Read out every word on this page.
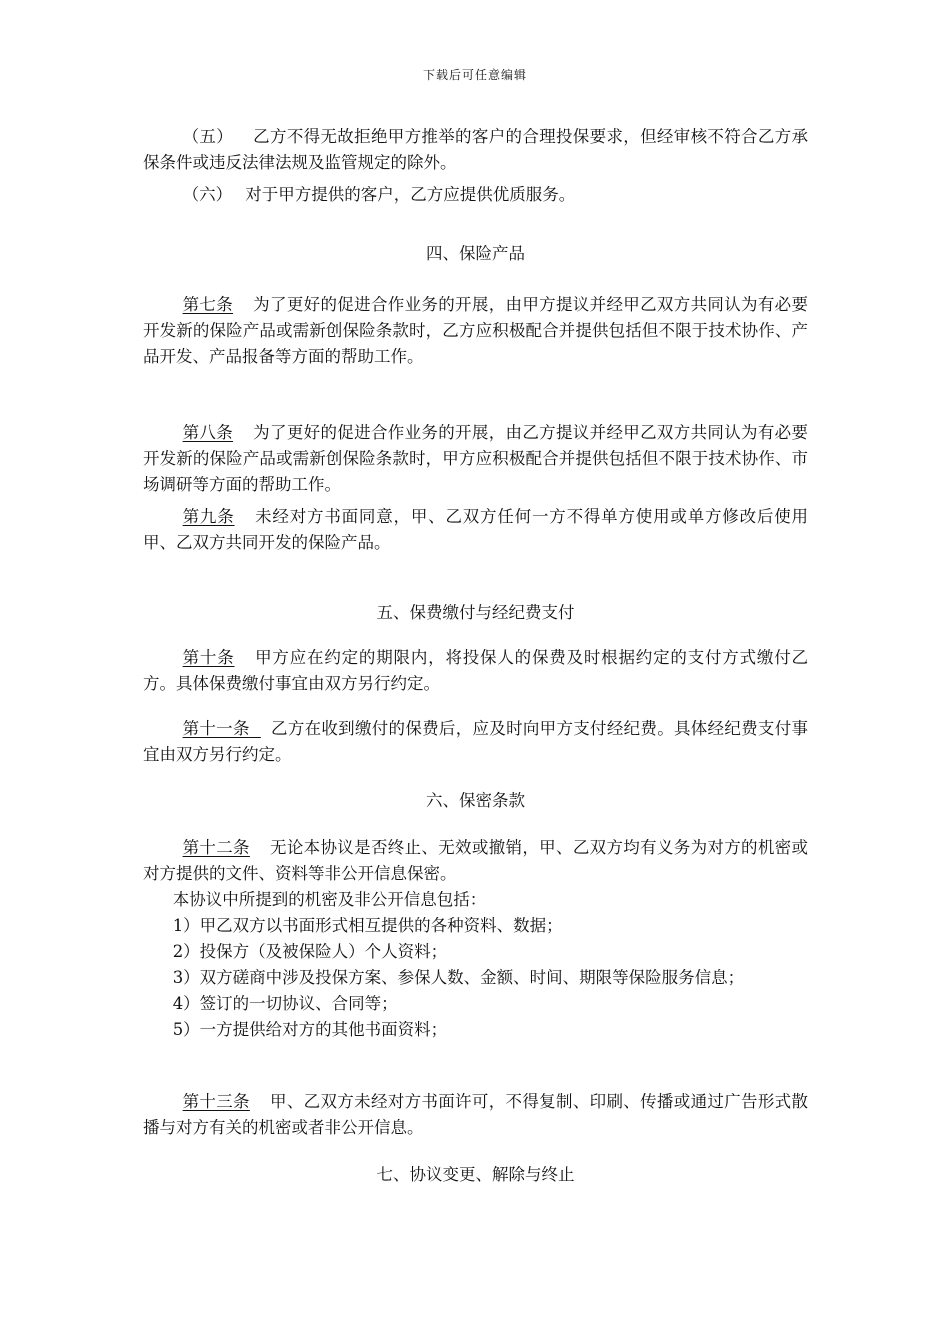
下载后可任意编辑

（五） 乙方不得无故拒绝甲方推举的客户的合理投保要求，但经审核不符合乙方承保条件或违反法律法规及监管规定的除外。

（六） 对于甲方提供的客户，乙方应提供优质服务。

四、保险产品

第七条 为了更好的促进合作业务的开展，由甲方提议并经甲乙双方共同认为有必要开发新的保险产品或需新创保险条款时，乙方应积极配合并提供包括但不限于技术协作、产品开发、产品报备等方面的帮助工作。

第八条 为了更好的促进合作业务的开展，由乙方提议并经甲乙双方共同认为有必要开发新的保险产品或需新创保险条款时，甲方应积极配合并提供包括但不限于技术协作、市场调研等方面的帮助工作。

第九条 未经对方书面同意，甲、乙双方任何一方不得单方使用或单方修改后使用甲、乙双方共同开发的保险产品。

五、保费缴付与经纪费支付

第十条 甲方应在约定的期限内，将投保人的保费及时根据约定的支付方式缴付乙方。具体保费缴付事宜由双方另行约定。

第十一条 乙方在收到缴付的保费后，应及时向甲方支付经纪费。具体经纪费支付事宜由双方另行约定。

六、保密条款

第十二条 无论本协议是否终止、无效或撤销，甲、乙双方均有义务为对方的机密或对方提供的文件、资料等非公开信息保密。

本协议中所提到的机密及非公开信息包括：

1）甲乙双方以书面形式相互提供的各种资料、数据；

2）投保方（及被保险人）个人资料；

3）双方磋商中涉及投保方案、参保人数、金额、时间、期限等保险服务信息；

4）签订的一切协议、合同等；

5）一方提供给对方的其他书面资料；

第十三条 甲、乙双方未经对方书面许可，不得复制、印刷、传播或通过广告形式散播与对方有关的机密或者非公开信息。

七、协议变更、解除与终止
